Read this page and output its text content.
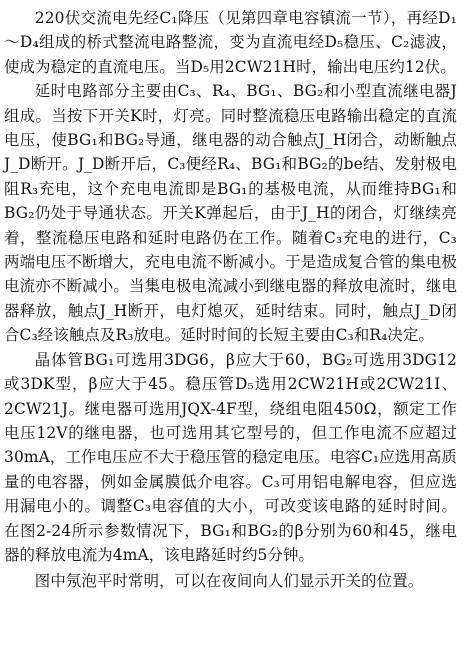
220伏交流电先经C₁降压（见第四章电容镇流一节），再经D₁～D₄组成的桥式整流电路整流，变为直流电经D₅稳压、C₂滤波，使成为稳定的直流电压。当D₅用2CW21H时，输出电压约12伏。

延时电路部分主要由C₃、R₄、BG₁、BG₂和小型直流继电器J组成。当按下开关K时，灯亮。同时整流稳压电路输出稳定的直流电压，使BG₁和BG₂导通，继电器的动合触点J_H闭合，动断触点J_D断开。J_D断开后，C₃便经R₄、BG₁和BG₂的be结、发射极电阻R₃充电，这个充电电流即是BG₁的基极电流，从而维持BG₁和BG₂仍处于导通状态。开关K弹起后，由于J_H的闭合，灯继续亮着，整流稳压电路和延时电路仍在工作。随着C₃充电的进行，C₃两端电压不断增大，充电电流不断减小。于是造成复合管的集电极电流亦不断减小。当集电极电流减小到继电器的释放电流时，继电器释放，触点J_H断开，电灯熄灭，延时结束。同时，触点J_D闭合C₃经该触点及R₃放电。延时时间的长短主要由C₃和R₄决定。

晶体管BG₁可选用3DG6，β应大于60，BG₂可选用3DG12或3DK型，β应大于45。稳压管D₅选用2CW21H或2CW21I、2CW21J。继电器可选用JQX-4F型，绕组电阻450Ω，额定工作电压12V的继电器，也可选用其它型号的，但工作电流不应超过30mA，工作电压应不大于稳压管的稳定电压。电容C₁应选用高质量的电容器，例如金属膜低介电容。C₃可用铝电解电容，但应选用漏电小的。调整C₃电容值的大小，可改变该电路的延时时间。在图2-24所示参数情况下，BG₁和BG₂的β分别为60和45，继电器的释放电流为4mA，该电路延时约5分钟。

图中氖泡平时常明，可以在夜间向人们显示开关的位置。
